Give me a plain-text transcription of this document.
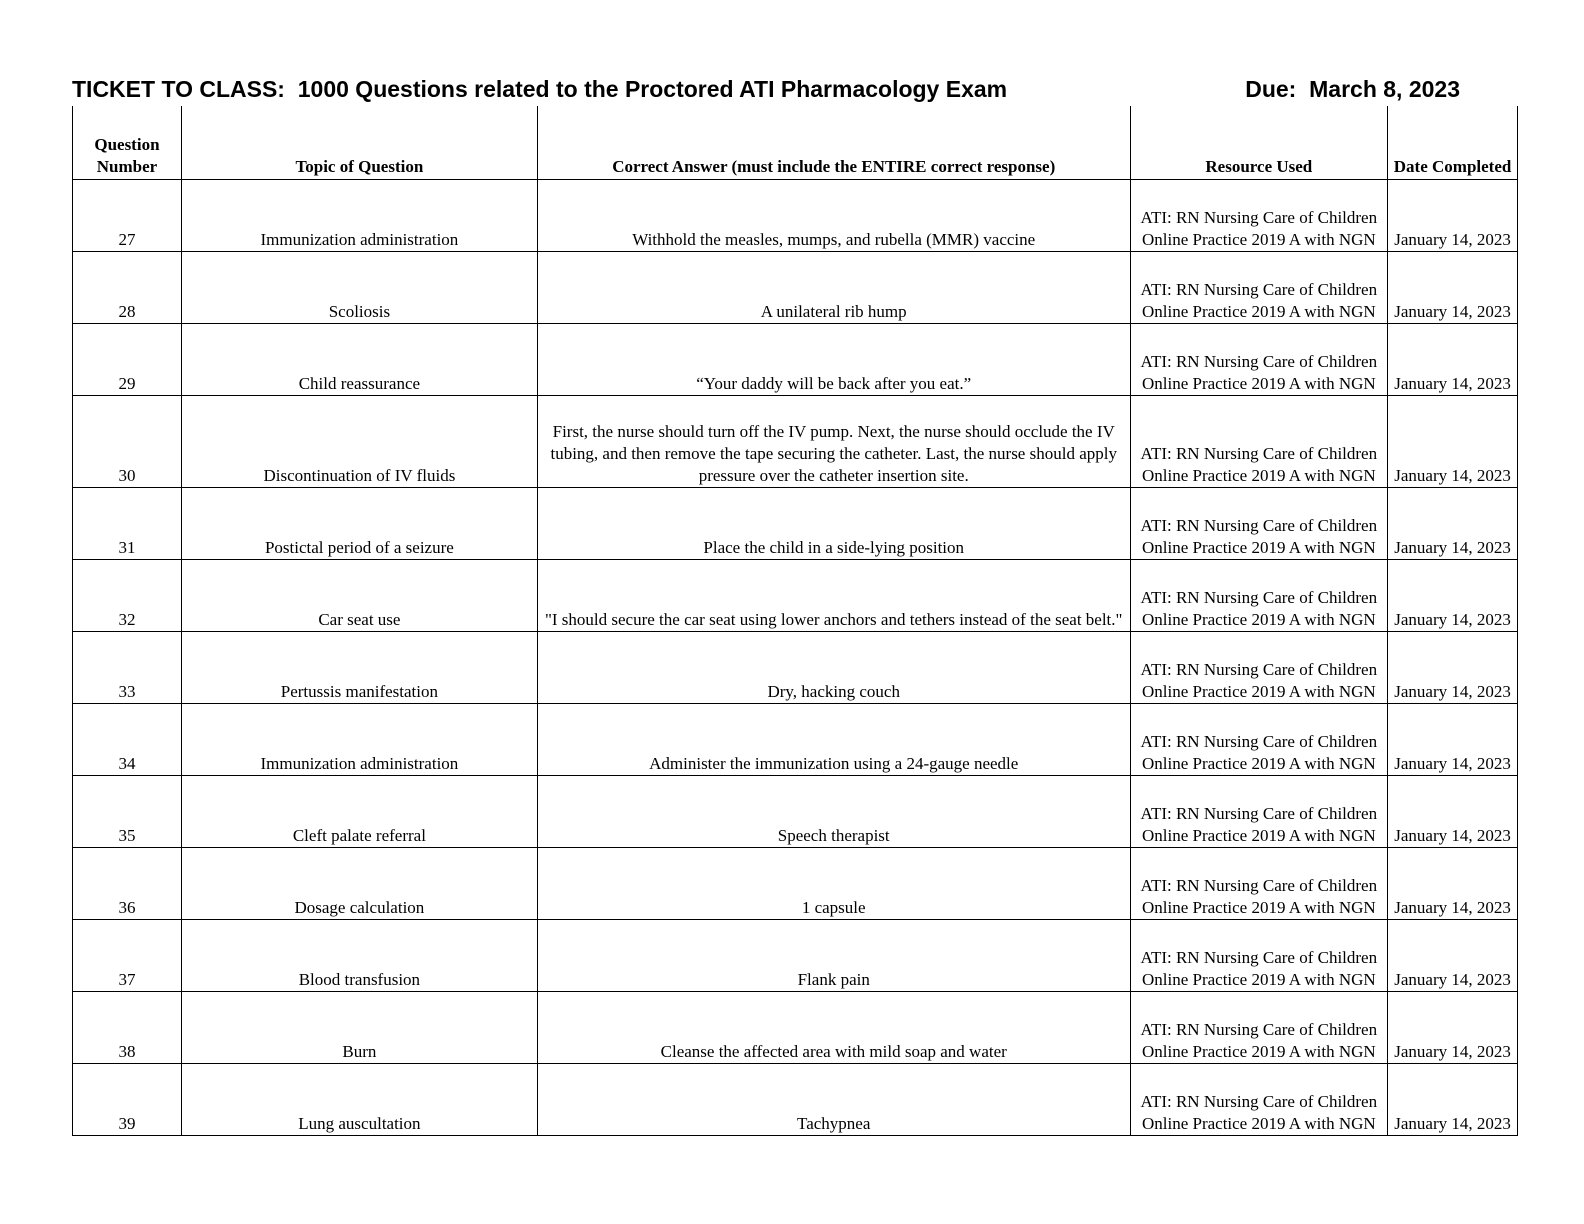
TICKET TO CLASS:  1000 Questions related to the Proctored ATI Pharmacology Exam	Due:  March 8, 2023
Question Number	Topic of Question	Correct Answer (must include the ENTIRE correct response)	Resource Used	Date Completed
27	Immunization administration	Withhold the measles, mumps, and rubella (MMR) vaccine	ATI: RN Nursing Care of Children Online Practice 2019 A with NGN	January 14, 2023
28	Scoliosis	A unilateral rib hump	ATI: RN Nursing Care of Children Online Practice 2019 A with NGN	January 14, 2023
29	Child reassurance	“Your daddy will be back after you eat.”	ATI: RN Nursing Care of Children Online Practice 2019 A with NGN	January 14, 2023
30	Discontinuation of IV fluids	First, the nurse should turn off the IV pump. Next, the nurse should occlude the IV tubing, and then remove the tape securing the catheter. Last, the nurse should apply pressure over the catheter insertion site.	ATI: RN Nursing Care of Children Online Practice 2019 A with NGN	January 14, 2023
31	Postictal period of a seizure	Place the child in a side-lying position	ATI: RN Nursing Care of Children Online Practice 2019 A with NGN	January 14, 2023
32	Car seat use	"I should secure the car seat using lower anchors and tethers instead of the seat belt."	ATI: RN Nursing Care of Children Online Practice 2019 A with NGN	January 14, 2023
33	Pertussis manifestation	Dry, hacking couch	ATI: RN Nursing Care of Children Online Practice 2019 A with NGN	January 14, 2023
34	Immunization administration	Administer the immunization using a 24-gauge needle	ATI: RN Nursing Care of Children Online Practice 2019 A with NGN	January 14, 2023
35	Cleft palate referral	Speech therapist	ATI: RN Nursing Care of Children Online Practice 2019 A with NGN	January 14, 2023
36	Dosage calculation	1 capsule	ATI: RN Nursing Care of Children Online Practice 2019 A with NGN	January 14, 2023
37	Blood transfusion	Flank pain	ATI: RN Nursing Care of Children Online Practice 2019 A with NGN	January 14, 2023
38	Burn	Cleanse the affected area with mild soap and water	ATI: RN Nursing Care of Children Online Practice 2019 A with NGN	January 14, 2023
39	Lung auscultation	Tachypnea	ATI: RN Nursing Care of Children Online Practice 2019 A with NGN	January 14, 2023
